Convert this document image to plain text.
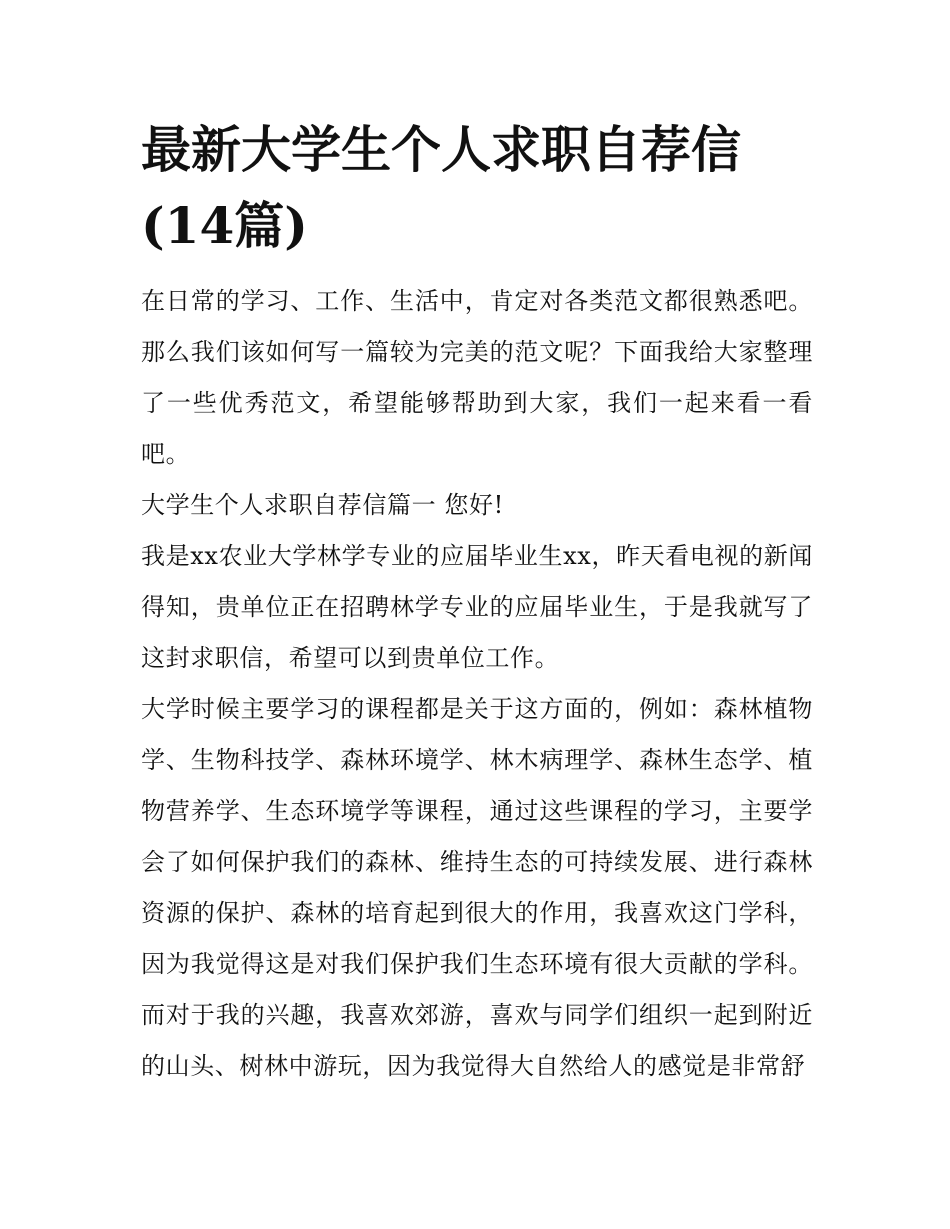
最新大学生个人求职自荐信(14篇)

在日常的学习、工作、生活中，肯定对各类范文都很熟悉吧。那么我们该如何写一篇较为完美的范文呢？下面我给大家整理了一些优秀范文，希望能够帮助到大家，我们一起来看一看吧。

大学生个人求职自荐信篇一 您好!

我是xx农业大学林学专业的应届毕业生xx，昨天看电视的新闻得知，贵单位正在招聘林学专业的应届毕业生，于是我就写了这封求职信，希望可以到贵单位工作。

大学时候主要学习的课程都是关于这方面的，例如：森林植物学、生物科技学、森林环境学、林木病理学、森林生态学、植物营养学、生态环境学等课程，通过这些课程的学习，主要学会了如何保护我们的森林、维持生态的可持续发展、进行森林资源的保护、森林的培育起到很大的作用，我喜欢这门学科，因为我觉得这是对我们保护我们生态环境有很大贡献的学科。而对于我的兴趣，我喜欢郊游，喜欢与同学们组织一起到附近的山头、树林中游玩，因为我觉得大自然给人的感觉是非常舒
